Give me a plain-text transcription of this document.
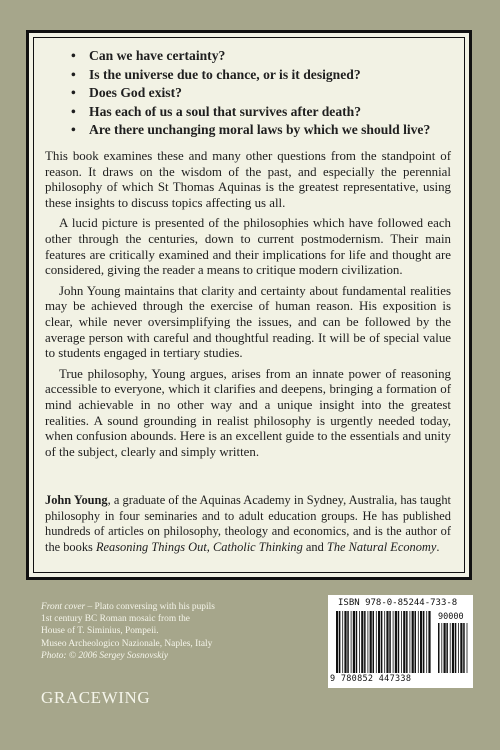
• Can we have certainty?
• Is the universe due to chance, or is it designed?
• Does God exist?
• Has each of us a soul that survives after death?
• Are there unchanging moral laws by which we should live?

This book examines these and many other questions from the standpoint of reason. It draws on the wisdom of the past, and especially the perennial philosophy of which St Thomas Aquinas is the greatest representative, using these insights to discuss topics affecting us all.

A lucid picture is presented of the philosophies which have followed each other through the centuries, down to current postmodernism. Their main features are critically examined and their implications for life and thought are considered, giving the reader a means to critique modern civilization.

John Young maintains that clarity and certainty about fundamental realities may be achieved through the exercise of human reason. His exposition is clear, while never oversimplifying the issues, and can be followed by the average person with careful and thoughtful reading. It will be of special value to students engaged in tertiary studies.

True philosophy, Young argues, arises from an innate power of reasoning accessible to everyone, which it clarifies and deepens, bringing a formation of mind achievable in no other way and a unique insight into the greatest realities. A sound grounding in realist philosophy is urgently needed today, when confusion abounds. Here is an excellent guide to the essentials and unity of the subject, clearly and simply written.

John Young, a graduate of the Aquinas Academy in Sydney, Australia, has taught philosophy in four seminaries and to adult education groups. He has published hundreds of articles on philosophy, theology and economics, and is the author of the books Reasoning Things Out, Catholic Thinking and The Natural Economy.
Front cover – Plato conversing with his pupils
1st century BC Roman mosaic from the
House of T. Siminius, Pompeii.
Museo Archeologico Nazionale, Naples, Italy
Photo: © 2006 Sergey Sosnovskiy
GRACEWING
ISBN 978-0-85244-733-8
90000
9 780852 447338
